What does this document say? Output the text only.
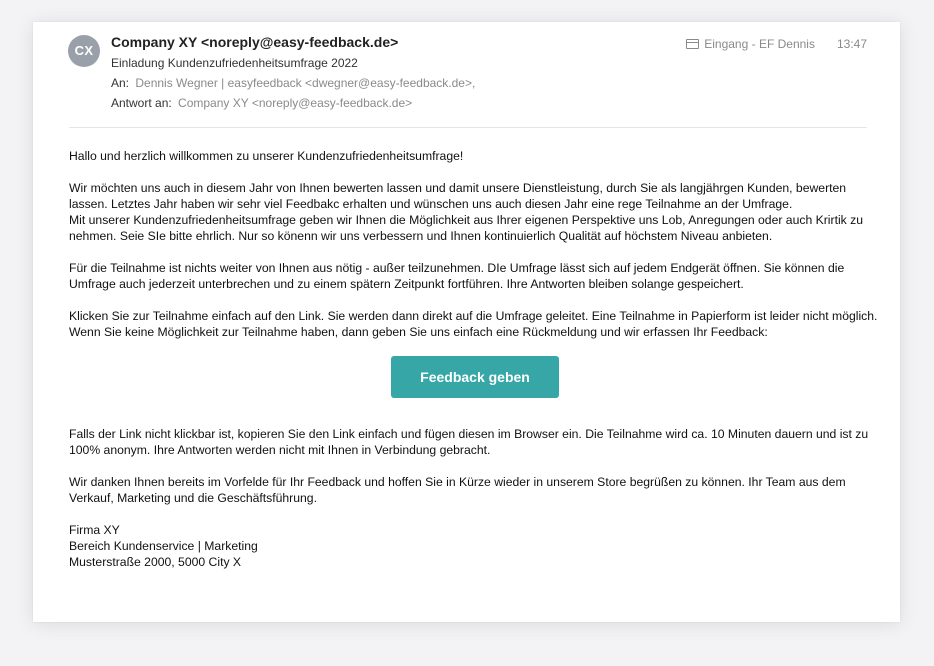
CX
Company XY <noreply@easy-feedback.de>
Einladung Kundenzufriedenheitsumfrage 2022
An: Dennis Wegner | easyfeedback <dwegner@easy-feedback.de>,
Antwort an: Company XY <noreply@easy-feedback.de>
Eingang - EF Dennis 13:47

Hallo und herzlich willkommen zu unserer Kundenzufriedenheitsumfrage!

Wir möchten uns auch in diesem Jahr von Ihnen bewerten lassen und damit unsere Dienstleistung, durch Sie als langjährgen Kunden, bewerten lassen. Letztes Jahr haben wir sehr viel Feedbakc erhalten und wünschen uns auch diesen Jahr eine rege Teilnahme an der Umfrage.

Mit unserer Kundenzufriedenheitsumfrage geben wir Ihnen die Möglichkeit aus Ihrer eigenen Perspektive uns Lob, Anregungen oder auch Krirtik zu nehmen. Seie SIe bitte ehrlich. Nur so könenn wir uns verbessern und Ihnen kontinuierlich Qualität auf höchstem Niveau anbieten.

Für die Teilnahme ist nichts weiter von Ihnen aus nötig - außer teilzunehmen. DIe Umfrage lässt sich auf jedem Endgerät öffnen. Sie können die Umfrage auch jederzeit unterbrechen und zu einem spätern Zeitpunkt fortführen. Ihre Antworten bleiben solange gespeichert.

Klicken Sie zur Teilnahme einfach auf den Link. Sie werden dann direkt auf die Umfrage geleitet. Eine Teilnahme in Papierform ist leider nicht möglich. Wenn Sie keine Möglichkeit zur Teilnahme haben, dann geben Sie uns einfach eine Rückmeldung und wir erfassen Ihr Feedback:

Feedback geben

Falls der Link nicht klickbar ist, kopieren Sie den Link einfach und fügen diesen im Browser ein. Die Teilnahme wird ca. 10 Minuten dauern und ist zu 100% anonym. Ihre Antworten werden nicht mit Ihnen in Verbindung gebracht.

Wir danken Ihnen bereits im Vorfelde für Ihr Feedback und hoffen Sie in Kürze wieder in unserem Store begrüßen zu können. Ihr Team aus dem Verkauf, Marketing und die Geschäftsführung.

Firma XY
Bereich Kundenservice | Marketing
Musterstraße 2000, 5000 City X
